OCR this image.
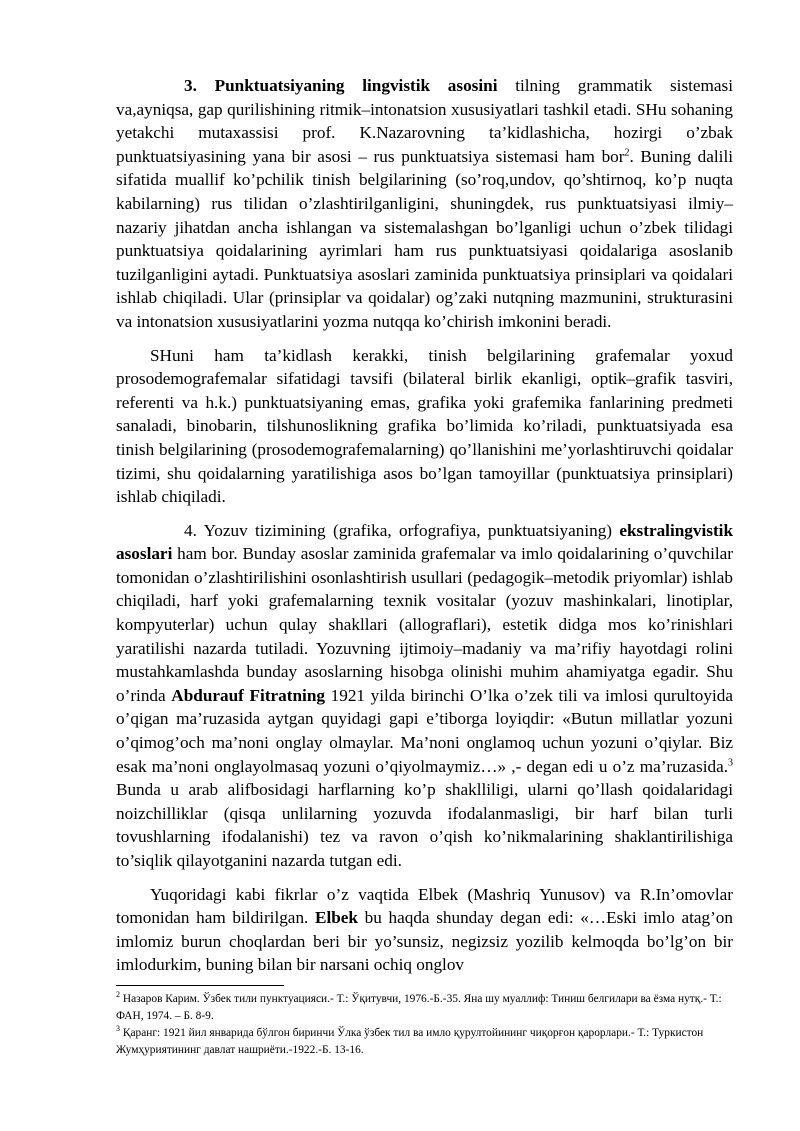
3. Punktuatsiyaning lingvistik asosini tilning grammatik sistemasi va,ayniqsa, gap qurilishining ritmik–intonatsion xususiyatlari tashkil etadi. SHu sohaning yetakchi mutaxassisi prof. K.Nazarovning ta’kidlashicha, hozirgi o’zbak punktuatsiyasining yana bir asosi – rus punktuatsiya sistemasi ham bor$^2$. Buning dalili sifatida muallif ko’pchilik tinish belgilarining (so’roq,undov, qo’shtirnoq, ko’p nuqta kabilarning) rus tilidan o’zlashtirilganligini, shuningdek, rus punktuatsiyasi ilmiy–nazariy jihatdan ancha ishlangan va sistemalashgan bo’lganligi uchun o’zbek tilidagi punktuatsiya qoidalarining ayrimlari ham rus punktuatsiyasi qoidalariga asoslanib tuzilganligini aytadi. Punktuatsiya asoslari zaminida punktuatsiya prinsiplari va qoidalari ishlab chiqiladi. Ular (prinsiplar va qoidalar) og’zaki nutqning mazmunini, strukturasini va intonatsion xususiyatlarini yozma nutqqa ko’chirish imkonini beradi.

SHuni ham ta’kidlash kerakki, tinish belgilarining grafemalar yoxud prosodemografemalar sifatidagi tavsifi (bilateral birlik ekanligi, optik–grafik tasviri, referenti va h.k.) punktuatsiyaning emas, grafika yoki grafemika fanlarining predmeti sanaladi, binobarin, tilshunoslikning grafika bo’limida ko’riladi, punktuatsiyada esa tinish belgilarining (prosodemografemalarning) qo’llanishini me’yorlashtiruvchi qoidalar tizimi, shu qoidalarning yaratilishiga asos bo’lgan tamoyillar (punktuatsiya prinsiplari) ishlab chiqiladi.

4. Yozuv tizimining (grafika, orfografiya, punktuatsiyaning) ekstralingvistik asoslari ham bor. Bunday asoslar zaminida grafemalar va imlo qoidalarining o’quvchilar tomonidan o’zlashtirilishini osonlashtirish usullari (pedagogik–metodik priyomlar) ishlab chiqiladi, harf yoki grafemalarning texnik vositalar (yozuv mashinkalari, linotiplar, kompyuterlar) uchun qulay shakllari (allograflari), estetik didga mos ko’rinishlari yaratilishi nazarda tutiladi. Yozuvning ijtimoiy–madaniy va ma’rifiy hayotdagi rolini mustahkamlashda bunday asoslarning hisobga olinishi muhim ahamiyatga egadir. Shu o’rinda Abdurauf Fitratning 1921 yilda birinchi O’lka o’zek tili va imlosi qurultoyida o’qigan ma’ruzasida aytgan quyidagi gapi e’tiborga loyiqdir: «Butun millatlar yozuni o’qimog’och ma’noni onglay olmaylar. Ma’noni onglamoq uchun yozuni o’qiylar. Biz esak ma’noni onglayolmasaq yozuni o’qiyolmaymiz…» ,- degan edi u o’z ma’ruzasida.$^3$ Bunda u arab alifbosidagi harflarning ko’p shaklliligi, ularni qo’llash qoidalaridagi noizchilliklar (qisqa unlilarning yozuvda ifodalanmasligi, bir harf bilan turli tovushlarning ifodalanishi) tez va ravon o’qish ko’nikmalarining shaklantirilishiga to’siqlik qilayotganini nazarda tutgan edi.

Yuqoridagi kabi fikrlar o’z vaqtida Elbek (Mashriq Yunusov) va R.In’omovlar tomonidan ham bildirilgan. Elbek bu haqda shunday degan edi: «…Eski imlo atag’on imlomiz burun choqlardan beri bir yo’sunsiz, negizsiz yozilib kelmoqda bo’lg’on bir imlodurkim, buning bilan bir narsani ochiq onglov

$^2$ Назаров Карим. Ўзбек тили пунктуацияси.- Т.: Ўқитувчи, 1976.-Б.-35. Яна шу муаллиф: Тиниш белгилари ва ёзма нутқ.- Т.: ФАН, 1974. – Б. 8-9.

$^3$ Қаранг: 1921 йил январида бўлгон биринчи Ўлка ўзбек тил ва имло қурултойининг чиқорғон қарорлари.- Т.: Туркистон Жумҳуриятининг давлат нашриёти.-1922.-Б. 13-16.
